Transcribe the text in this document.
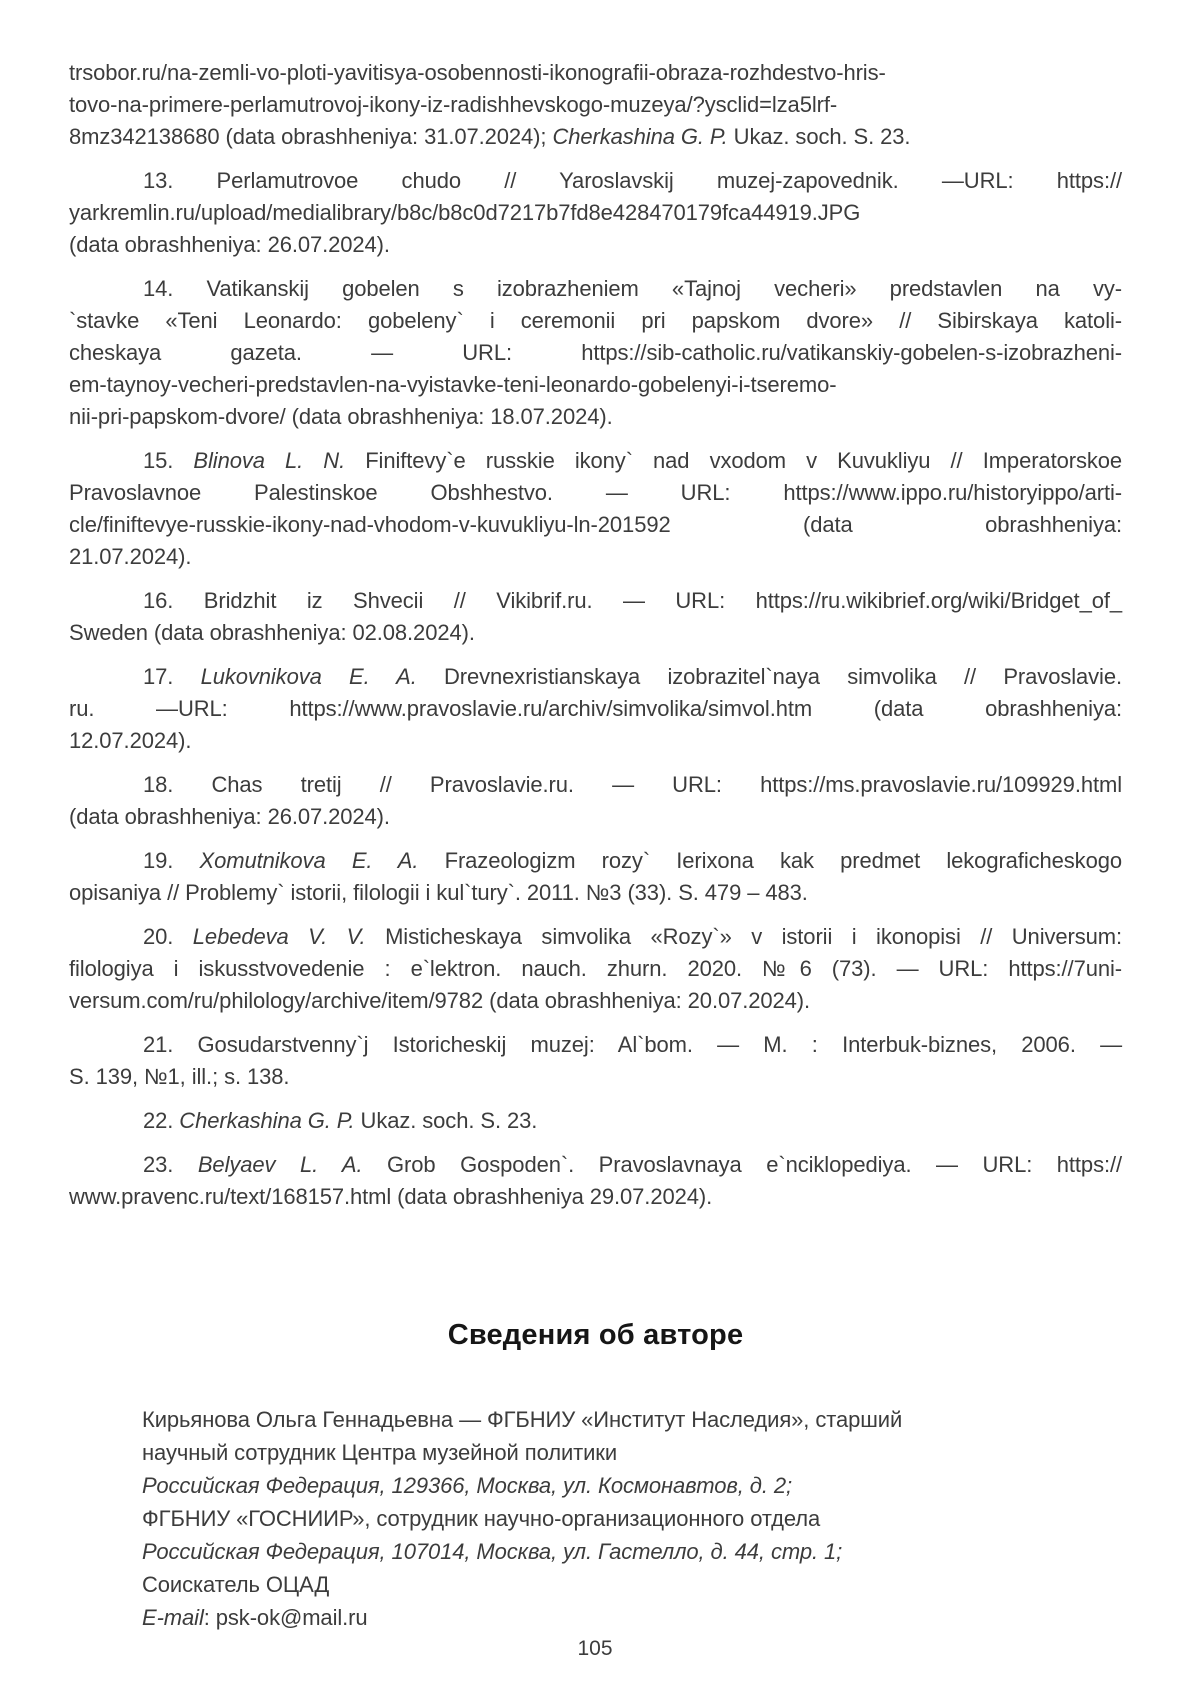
trsobor.ru/na-zemli-vo-ploti-yavitisya-osobennosti-ikonografii-obraza-rozhdestvo-hris-
tovo-na-primere-perlamutrovoj-ikony-iz-radishhevskogo-muzeya/?ysclid=lza5lrf-
8mz342138680 (data obrashheniya: 31.07.2024); Cherkashina G. P. Ukaz. soch. S. 23.
13. Perlamutrovoe chudo // Yaroslavskij muzej-zapovednik. —URL: https://
yarkremlin.ru/upload/medialibrary/b8c/b8c0d7217b7fd8e428470179fca44919.JPG
(data obrashheniya: 26.07.2024).
14. Vatikanskij gobelen s izobrazheniem «Tajnoj vecheri» predstavlen na vy-
`stavke «Teni Leonardo: gobeleny` i ceremonii pri papskom dvore» // Sibirskaya katoli-
cheskaya gazeta. — URL: https://sib-catholic.ru/vatikanskiy-gobelen-s-izobrazheni-
em-taynoy-vecheri-predstavlen-na-vyistavke-teni-leonardo-gobelenyi-i-tseremo-
nii-pri-papskom-dvore/ (data obrashheniya: 18.07.2024).
15. Blinova L. N. Finiftevy`e russkie ikony` nad vxodom v Kuvukliyu // Imperatorskoe
Pravoslavnoe Palestinskoe Obshhestvo. — URL: https://www.ippo.ru/historyippo/arti-
cle/finiftevye-russkie-ikony-nad-vhodom-v-kuvukliyu-ln-201592 (data obrashheniya:
21.07.2024).
16. Bridzhit iz Shvecii // Vikibrif.ru. — URL: https://ru.wikibrief.org/wiki/Bridget_of_
Sweden (data obrashheniya: 02.08.2024).
17. Lukovnikova E. A. Drevnexristianskaya izobrazitel`naya simvolika // Pravoslavie.
ru. —URL: https://www.pravoslavie.ru/archiv/simvolika/simvol.htm (data obrashheniya:
12.07.2024).
18. Chas tretij // Pravoslavie.ru. — URL: https://ms.pravoslavie.ru/109929.html
(data obrashheniya: 26.07.2024).
19. Xomutnikova E. A. Frazeologizm rozy` Ierixona kak predmet lekograficheskogo
opisaniya // Problemy` istorii, filologii i kul`tury`. 2011. №3 (33). S. 479 – 483.
20. Lebedeva V. V. Misticheskaya simvolika «Rozy`» v istorii i ikonopisi // Universum:
filologiya i iskusstvovedenie : e`lektron. nauch. zhurn. 2020. №6 (73). — URL: https://7uni-
versum.com/ru/philology/archive/item/9782 (data obrashheniya: 20.07.2024).
21. Gosudarstvenny`j Istoricheskij muzej: Al`bom. — M. : Interbuk-biznes, 2006. —
S. 139, №1, ill.; s. 138.
22. Cherkashina G. P. Ukaz. soch. S. 23.
23. Belyaev L. A. Grob Gospoden`. Pravoslavnaya e`nciklopediya. — URL: https://
www.pravenc.ru/text/168157.html (data obrashheniya 29.07.2024).
Сведения об авторе
Кирьянова Ольга Геннадьевна — ФГБНИУ «Институт Наследия», старший
научный сотрудник Центра музейной политики
Российская Федерация, 129366, Москва, ул. Космонавтов, д. 2;
ФГБНИУ «ГОСНИИР», сотрудник научно-организационного отдела
Российская Федерация, 107014, Москва, ул. Гастелло, д. 44, стр. 1;
Соискатель ОЦАД
E-mail: psk-ok@mail.ru
105
